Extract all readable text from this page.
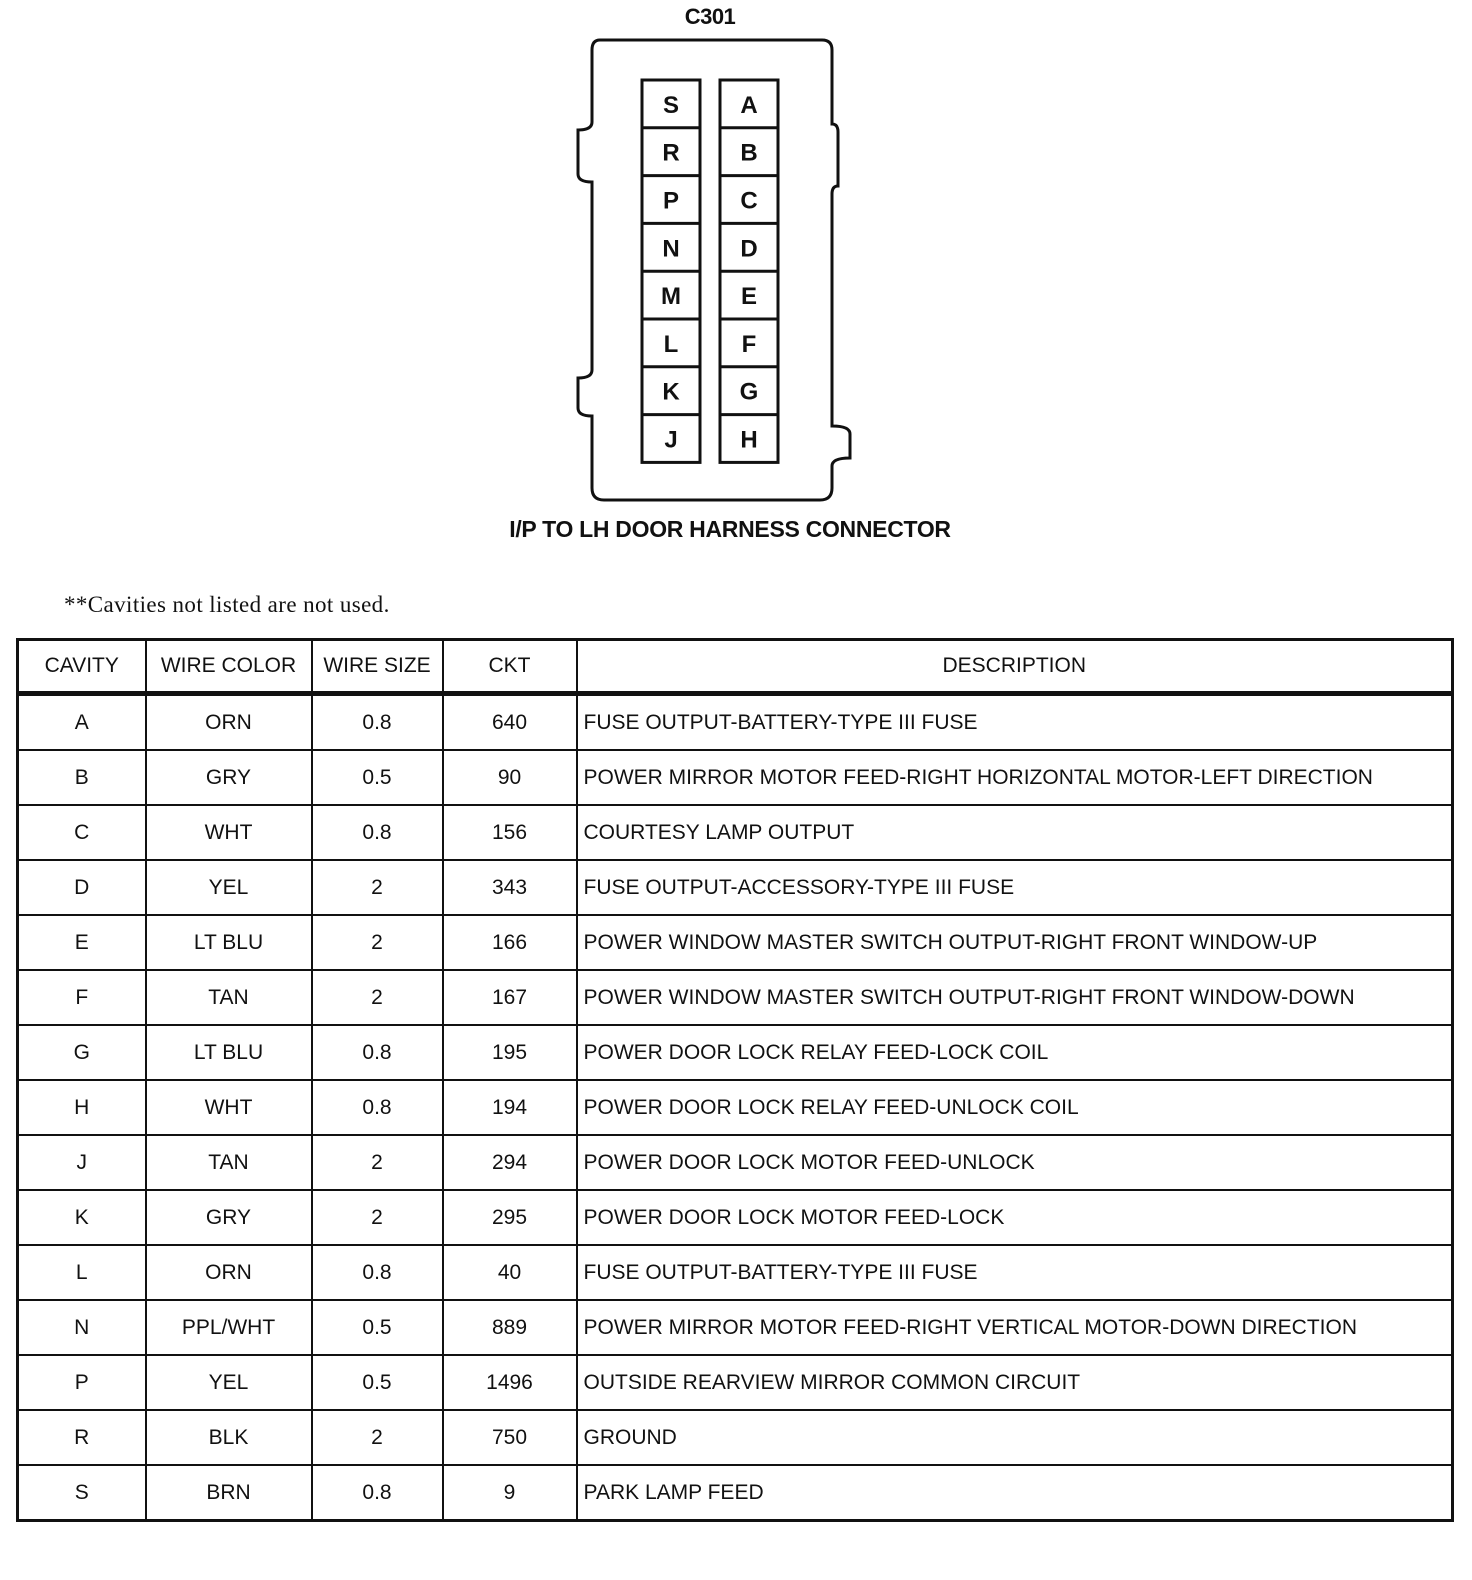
C301
S
R
P
N
M
L
K
J
A
B
C
D
E
F
G
H
I/P TO LH DOOR HARNESS CONNECTOR
**Cavities not listed are not used.
CAVITY	WIRE COLOR	WIRE SIZE	CKT	DESCRIPTION
A	ORN	0.8	640	FUSE OUTPUT-BATTERY-TYPE III FUSE
B	GRY	0.5	90	POWER MIRROR MOTOR FEED-RIGHT HORIZONTAL MOTOR-LEFT DIRECTION
C	WHT	0.8	156	COURTESY LAMP OUTPUT
D	YEL	2	343	FUSE OUTPUT-ACCESSORY-TYPE III FUSE
E	LT BLU	2	166	POWER WINDOW MASTER SWITCH OUTPUT-RIGHT FRONT WINDOW-UP
F	TAN	2	167	POWER WINDOW MASTER SWITCH OUTPUT-RIGHT FRONT WINDOW-DOWN
G	LT BLU	0.8	195	POWER DOOR LOCK RELAY FEED-LOCK COIL
H	WHT	0.8	194	POWER DOOR LOCK RELAY FEED-UNLOCK COIL
J	TAN	2	294	POWER DOOR LOCK MOTOR FEED-UNLOCK
K	GRY	2	295	POWER DOOR LOCK MOTOR FEED-LOCK
L	ORN	0.8	40	FUSE OUTPUT-BATTERY-TYPE III FUSE
N	PPL/WHT	0.5	889	POWER MIRROR MOTOR FEED-RIGHT VERTICAL MOTOR-DOWN DIRECTION
P	YEL	0.5	1496	OUTSIDE REARVIEW MIRROR COMMON CIRCUIT
R	BLK	2	750	GROUND
S	BRN	0.8	9	PARK LAMP FEED
